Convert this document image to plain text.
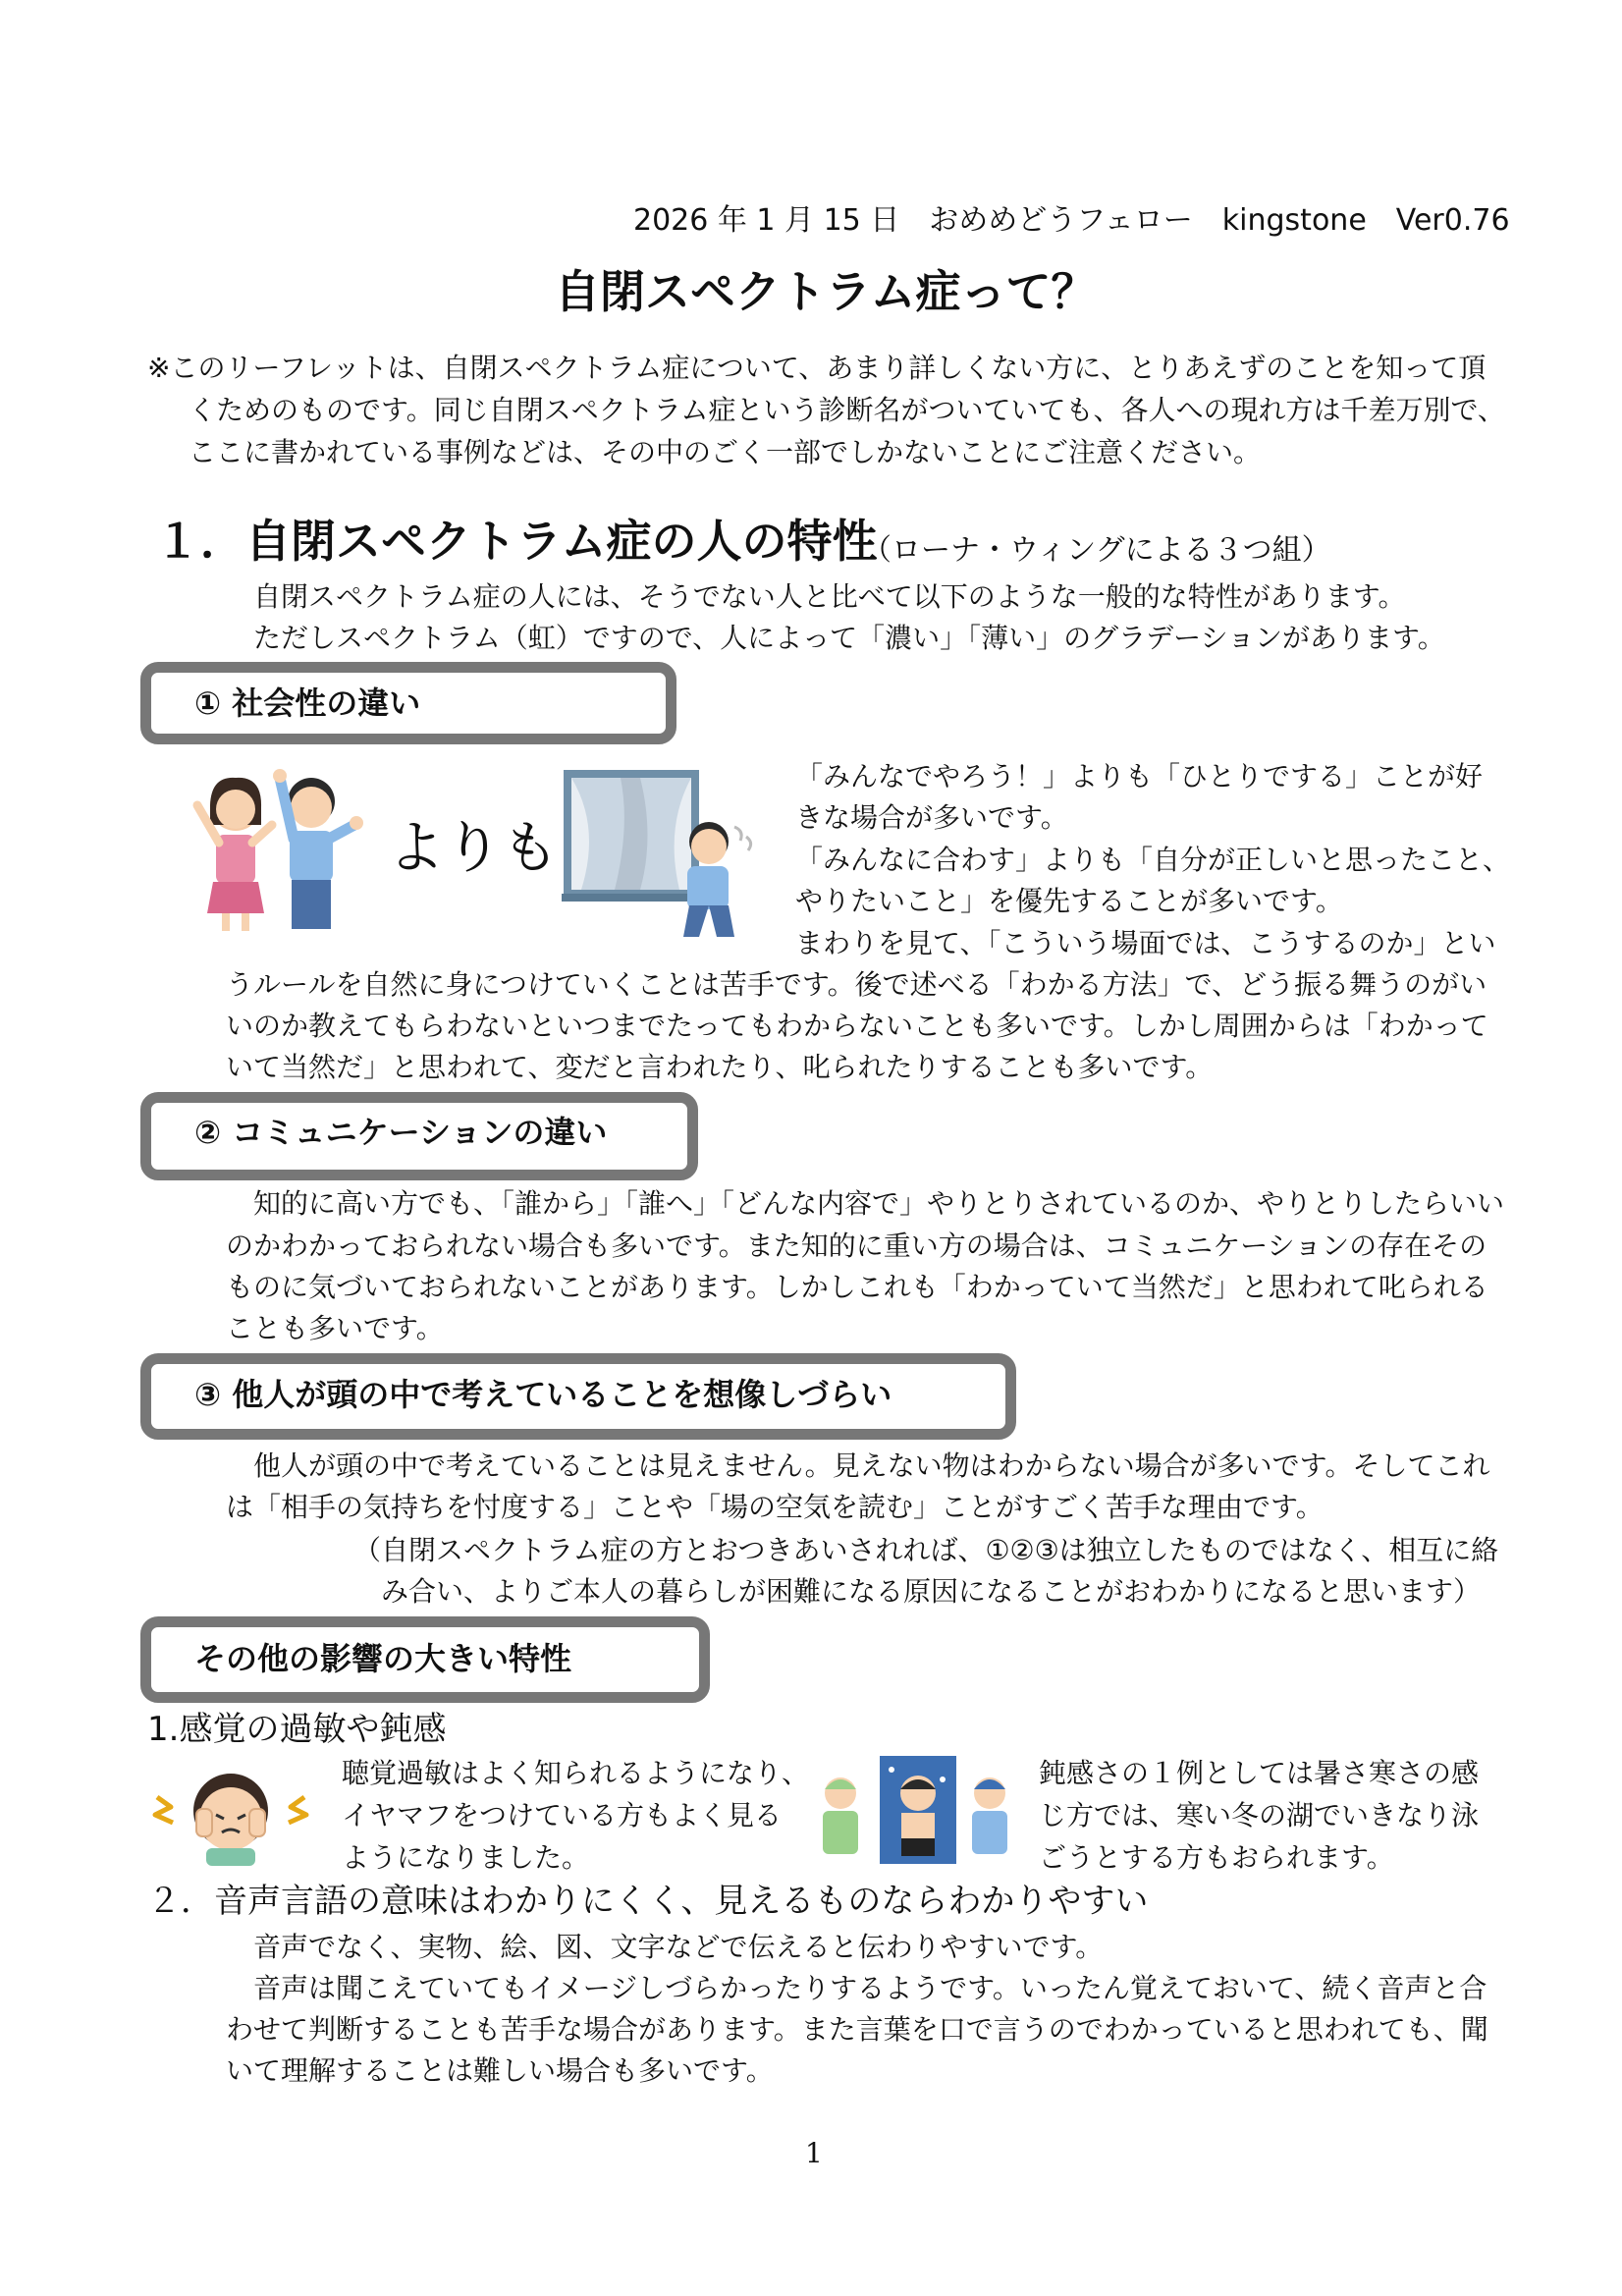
2026 年 1 月 15 日　おめめどうフェロー　kingstone　Ver0.76
自閉スペクトラム症って？
※このリーフレットは、自閉スペクトラム症について、あまり詳しくない方に、とりあえずのことを知って頂
くためのものです。同じ自閉スペクトラム症という診断名がついていても、各人への現れ方は千差万別で、
ここに書かれている事例などは、その中のごく一部でしかないことにご注意ください。
１．自閉スペクトラム症の人の特性
（ローナ・ウィングによる３つ組）
自閉スペクトラム症の人には、そうでない人と比べて以下のような一般的な特性があります。
ただしスペクトラム（虹）ですので、人によって「濃い」「薄い」のグラデーションがあります。
① 社会性の違い
よりも
「みんなでやろう！」よりも「ひとりでする」ことが好
きな場合が多いです。
「みんなに合わす」よりも「自分が正しいと思ったこと、
やりたいこと」を優先することが多いです。
まわりを見て、「こういう場面では、こうするのか」とい
うルールを自然に身につけていくことは苦手です。後で述べる「わかる方法」で、どう振る舞うのがい
いのか教えてもらわないといつまでたってもわからないことも多いです。しかし周囲からは「わかって
いて当然だ」と思われて、変だと言われたり、叱られたりすることも多いです。
② コミュニケーションの違い
知的に高い方でも、「誰から」「誰へ」「どんな内容で」やりとりされているのか、やりとりしたらいい
のかわかっておられない場合も多いです。また知的に重い方の場合は、コミュニケーションの存在その
ものに気づいておられないことがあります。しかしこれも「わかっていて当然だ」と思われて叱られる
ことも多いです。
③ 他人が頭の中で考えていることを想像しづらい
他人が頭の中で考えていることは見えません。見えない物はわからない場合が多いです。そしてこれ
は「相手の気持ちを忖度する」ことや「場の空気を読む」ことがすごく苦手な理由です。
（自閉スペクトラム症の方とおつきあいされれば、①②③は独立したものではなく、相互に絡
み合い、よりご本人の暮らしが困難になる原因になることがおわかりになると思います）
その他の影響の大きい特性
1.感覚の過敏や鈍感
聴覚過敏はよく知られるようになり、
イヤマフをつけている方もよく見る
ようになりました。
鈍感さの１例としては暑さ寒さの感
じ方では、寒い冬の湖でいきなり泳
ごうとする方もおられます。
２．音声言語の意味はわかりにくく、見えるものならわかりやすい
音声でなく、実物、絵、図、文字などで伝えると伝わりやすいです。
音声は聞こえていてもイメージしづらかったりするようです。いったん覚えておいて、続く音声と合
わせて判断することも苦手な場合があります。また言葉を口で言うのでわかっていると思われても、聞
いて理解することは難しい場合も多いです。
1
